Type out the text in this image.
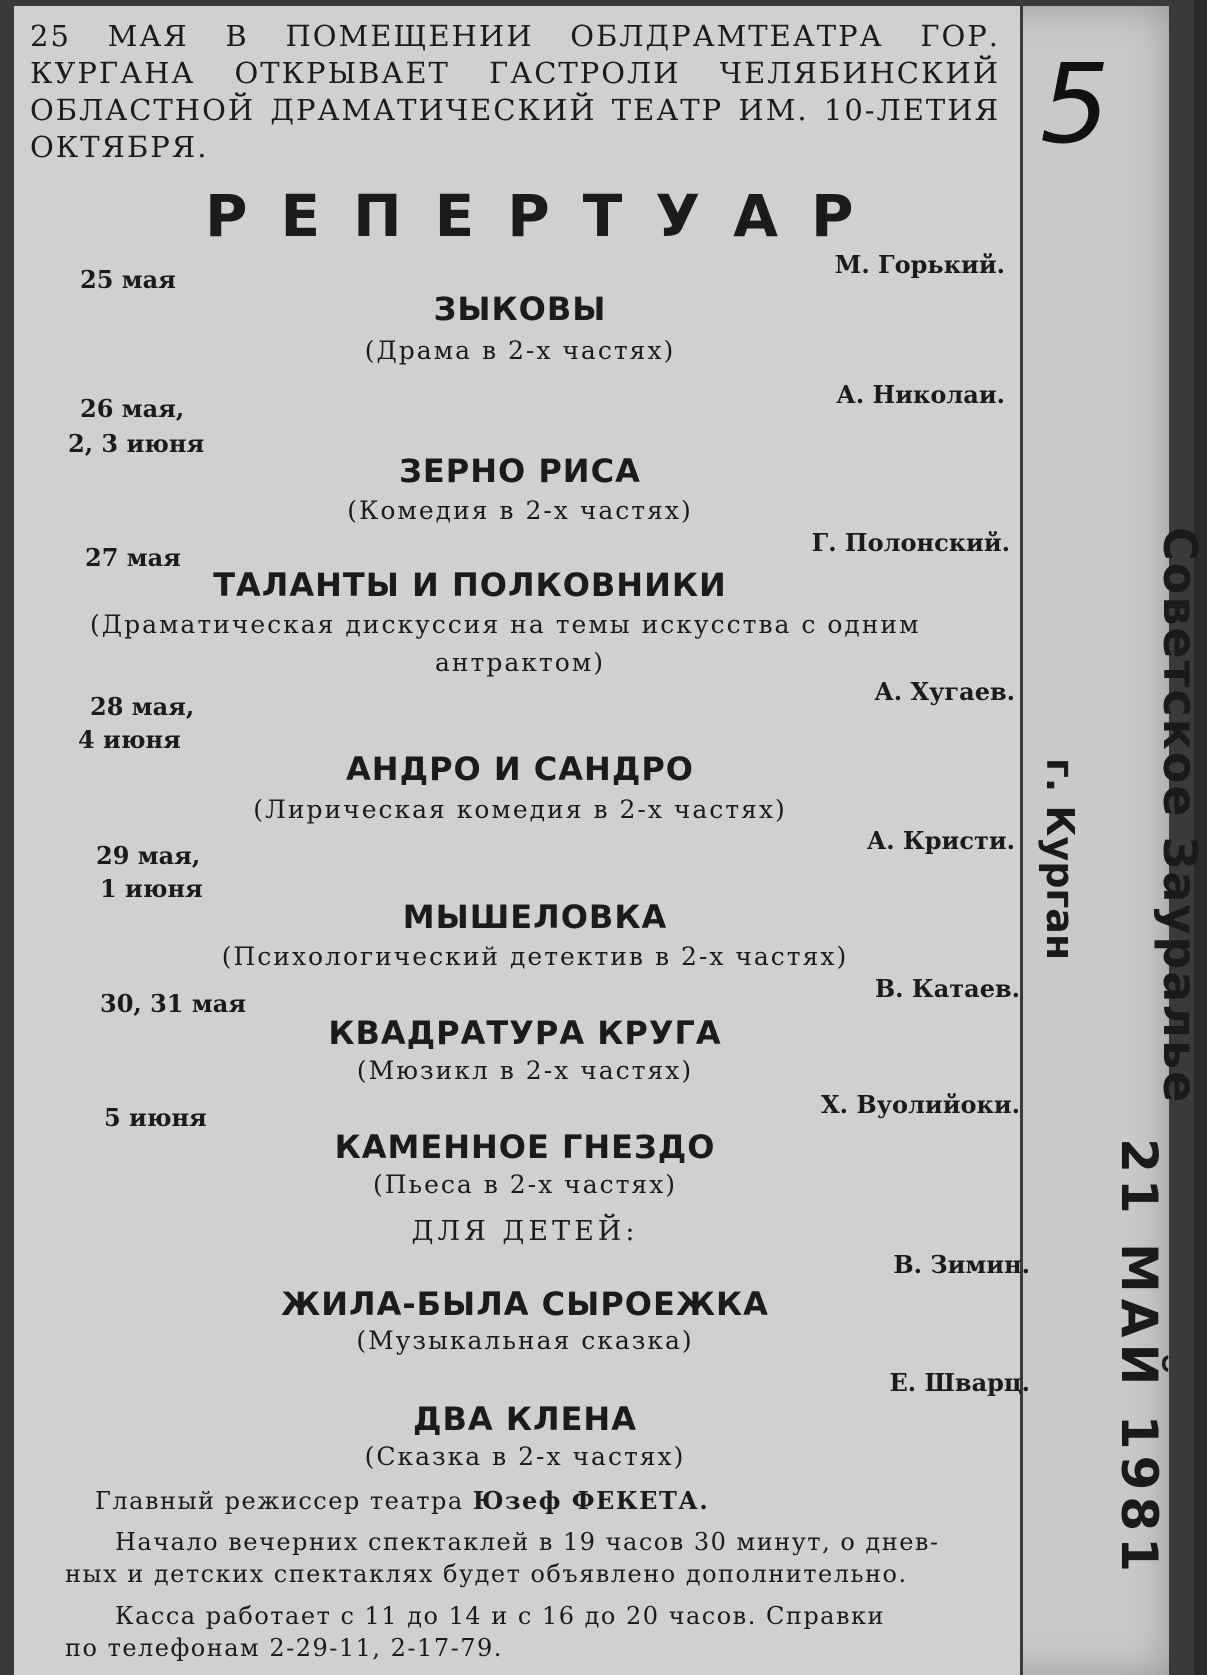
5
Советское Зауралье
г. Курган
21 МАЙ 1981
25 МАЯ В ПОМЕЩЕНИИ ОБЛДРАМТЕАТРА ГОР. КУРГАНА ОТКРЫВАЕТ ГАСТРОЛИ ЧЕЛЯБИНСКИЙ ОБЛАСТНОЙ ДРАМАТИЧЕСКИЙ ТЕАТР ИМ. 10-ЛЕТИЯ ОКТЯБРЯ.
РЕПЕРТУАР
25 мая
М. Горький.
ЗЫКОВЫ
(Драма в 2-х частях)
26 мая,
2, 3 июня
А. Николаи.
ЗЕРНО РИСА
(Комедия в 2-х частях)
27 мая
Г. Полонский.
ТАЛАНТЫ И ПОЛКОВНИКИ
(Драматическая дискуссия на темы искусства с одним
антрактом)
28 мая,
4 июня
А. Хугаев.
АНДРО И САНДРО
(Лирическая комедия в 2-х частях)
29 мая,
1 июня
А. Кристи.
МЫШЕЛОВКА
(Психологический детектив в 2-х частях)
30, 31 мая
В. Катаев.
КВАДРАТУРА КРУГА
(Мюзикл в 2-х частях)
5 июня	Х. Вуолийоки.
КАМЕННОЕ ГНЕЗДО
(Пьеса в 2-х частях)
ДЛЯ ДЕТЕЙ:
В. Зимин.
ЖИЛА-БЫЛА СЫРОЕЖКА
(Музыкальная сказка)
Е. Шварц.
ДВА КЛЕНА
(Сказка в 2-х частях)
Главный режиссер театра Юзеф ФЕКЕТА.
Начало вечерних спектаклей в 19 часов 30 минут, о днев-
ных и детских спектаклях будет объявлено дополнительно.
Касса работает с 11 до 14 и с 16 до 20 часов. Справки
по телефонам 2-29-11, 2-17-79.
